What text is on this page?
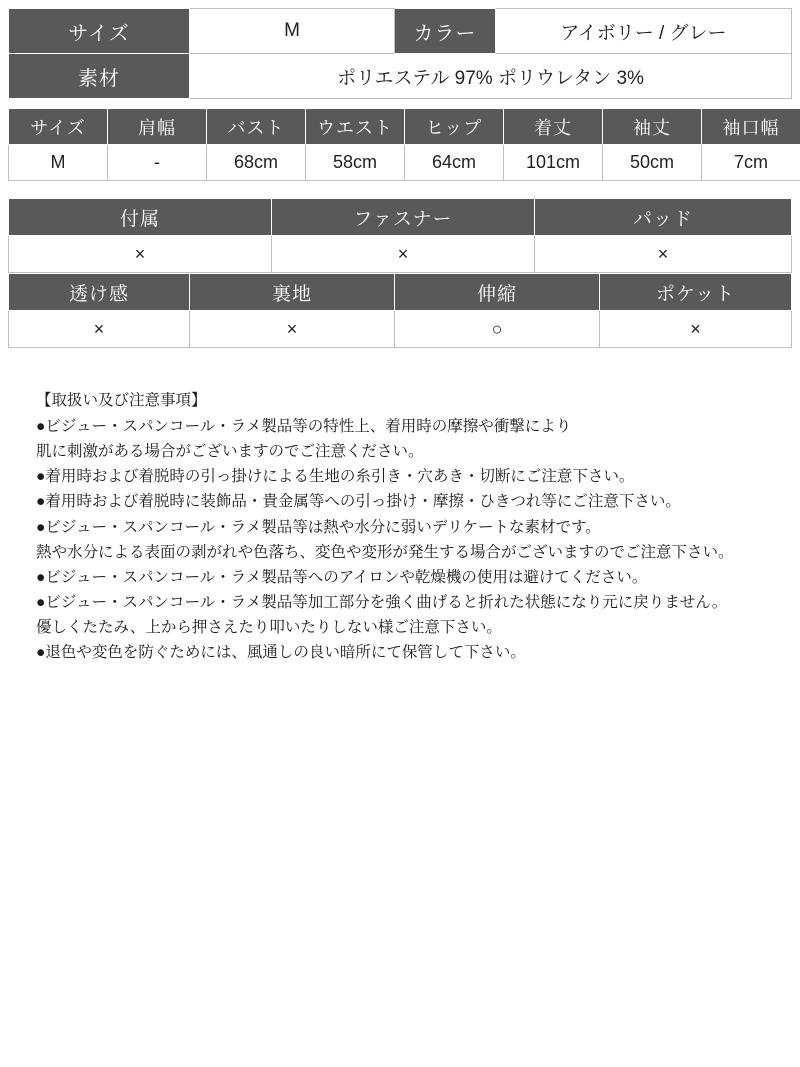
サイズ	M	カラー	アイボリー / グレー
素材	ポリエステル 97% ポリウレタン 3%		
サイズ	肩幅	バスト	ウエスト	ヒップ	着丈	袖丈	袖口幅
M	-	68cm	58cm	64cm	101cm	50cm	7cm
付属	ファスナー	パッド
×	×	×
透け感	裏地	伸縮	ポケット
×	×	○	×
【取扱い及び注意事項】
●ビジュー・スパンコール・ラメ製品等の特性上、着用時の摩擦や衝撃により
肌に刺激がある場合がございますのでご注意ください。
●着用時および着脱時の引っ掛けによる生地の糸引き・穴あき・切断にご注意下さい。
●着用時および着脱時に装飾品・貴金属等への引っ掛け・摩擦・ひきつれ等にご注意下さい。
●ビジュー・スパンコール・ラメ製品等は熱や水分に弱いデリケートな素材です。
熱や水分による表面の剥がれや色落ち、変色や変形が発生する場合がございますのでご注意下さい。
●ビジュー・スパンコール・ラメ製品等へのアイロンや乾燥機の使用は避けてください。
●ビジュー・スパンコール・ラメ製品等加工部分を強く曲げると折れた状態になり元に戻りません。
優しくたたみ、上から押さえたり叩いたりしない様ご注意下さい。
●退色や変色を防ぐためには、風通しの良い暗所にて保管して下さい。
